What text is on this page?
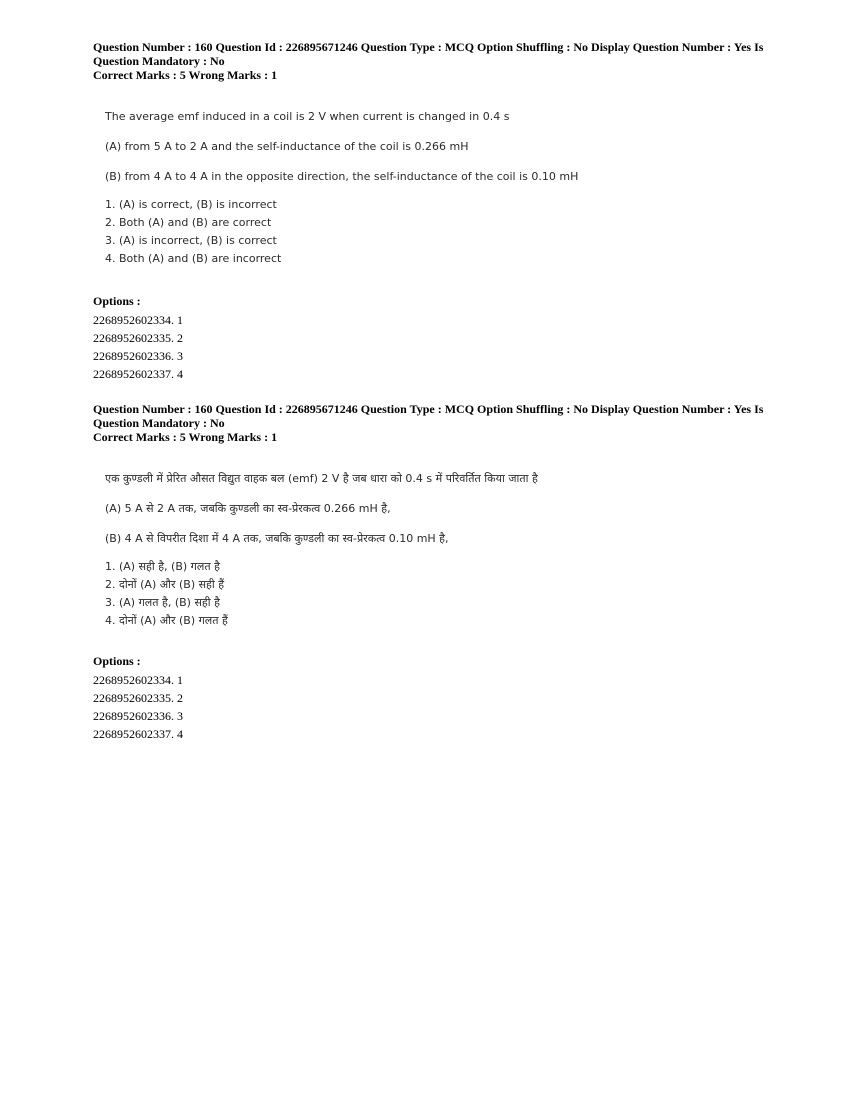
Question Number : 160 Question Id : 226895671246 Question Type : MCQ Option Shuffling : No Display Question Number : Yes Is
Question Mandatory : No
Correct Marks : 5 Wrong Marks : 1
The average emf induced in a coil is 2 V when current is changed in 0.4 s
(A) from 5 A to 2 A and the self-inductance of the coil is 0.266 mH
(B) from 4 A to 4 A in the opposite direction, the self-inductance of the coil is 0.10 mH
1. (A) is correct, (B) is incorrect
2. Both (A) and (B) are correct
3. (A) is incorrect, (B) is correct
4. Both (A) and (B) are incorrect
Options :
2268952602334. 1
2268952602335. 2
2268952602336. 3
2268952602337. 4
Question Number : 160 Question Id : 226895671246 Question Type : MCQ Option Shuffling : No Display Question Number : Yes Is
Question Mandatory : No
Correct Marks : 5 Wrong Marks : 1
एक कुण्डली में प्रेरित औसत विद्युत वाहक बल (emf) 2 V है जब धारा को 0.4 s में परिवर्तित किया जाता है
(A) 5 A से 2 A तक, जबकि कुण्डली का स्व-प्रेरकत्व 0.266 mH है,
(B) 4 A से विपरीत दिशा में 4 A तक, जबकि कुण्डली का स्व-प्रेरकत्व 0.10 mH है,
1. (A) सही है, (B) गलत है
2. दोनों (A) और (B) सही हैं
3. (A) गलत है, (B) सही है
4. दोनों (A) और (B) गलत हैं
Options :
2268952602334. 1
2268952602335. 2
2268952602336. 3
2268952602337. 4
